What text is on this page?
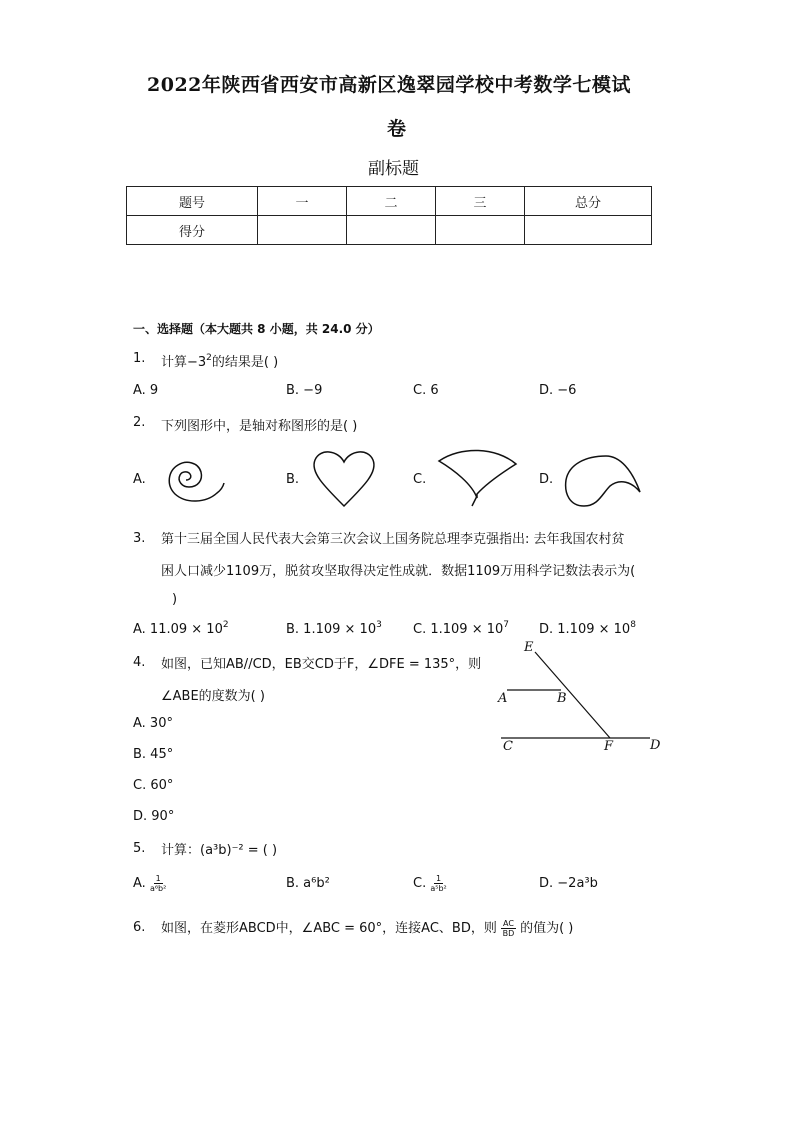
2022年陕西省西安市高新区逸翠园学校中考数学七模试
卷
副标题
题号	一	二	三	总分
得分				
一、选择题（本大题共 8 小题，共 24.0 分）
1. 计算$-3^2$的结果是( )
A. 9	B. −9	C. 6	D. −6
2. 下列图形中，是轴对称图形的是( )
A.	B.	C.	D.
3. 第十三届全国人民代表大会第三次会议上国务院总理李克强指出: 去年我国农村贫
困人口减少1109万，脱贫攻坚取得决定性成就．数据1109万用科学记数法表示为(
)
A. $11.09 \times 10^2$	B. $1.109 \times 10^3$ C. $1.109 \times 10^7$ D. $1.109 \times 10^8$
4. 如图，已知AB//CD，EB交CD于F，∠DFE = 135°，则
∠ABE的度数为( )
A. 30°
B. 45°
C. 60°
D. 90°
E
A	B
C	F	D
5. 计算：(a³b)⁻² = ( )
A. $\frac{1}{\text{a⁶b²}}$	B. a⁶b²	C. $\frac{1}{\text{a⁵b²}}$	D. −2a³b
6. 如图，在菱形ABCD中，∠ABC = 60°，连接AC、BD，则 $\frac{AC}{BD}$ 的值为( )
